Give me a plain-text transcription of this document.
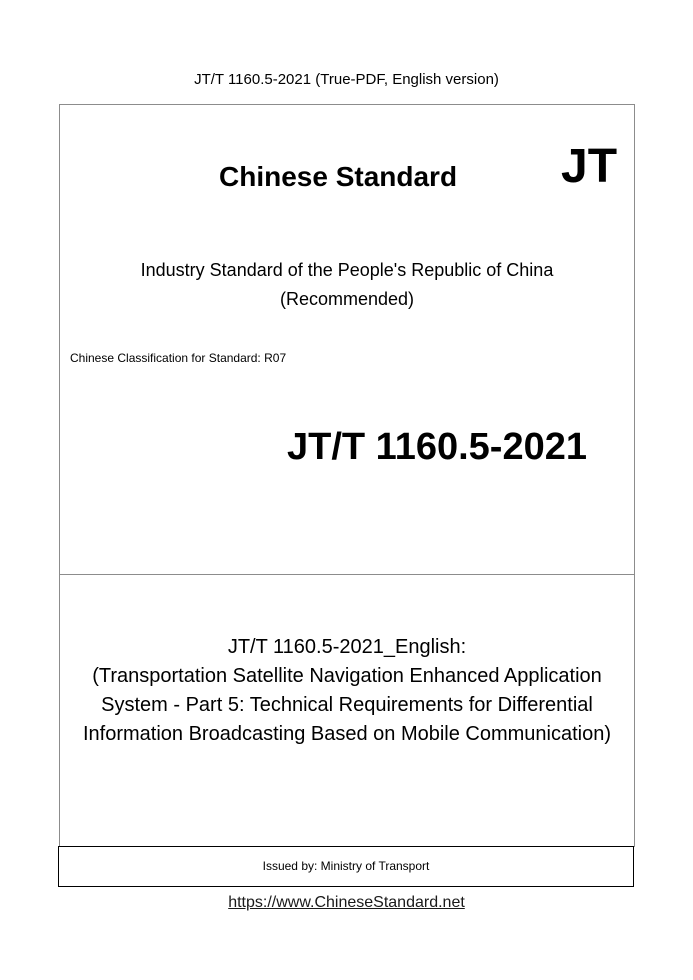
JT/T 1160.5-2021 (True-PDF, English version)
Chinese Standard JT
Industry Standard of the People's Republic of China
(Recommended)
Chinese Classification for Standard: R07
JT/T 1160.5-2021
JT/T 1160.5-2021_English:
(Transportation Satellite Navigation Enhanced Application
System - Part 5: Technical Requirements for Differential
Information Broadcasting Based on Mobile Communication)
Issued by: Ministry of Transport
https://www.ChineseStandard.net
